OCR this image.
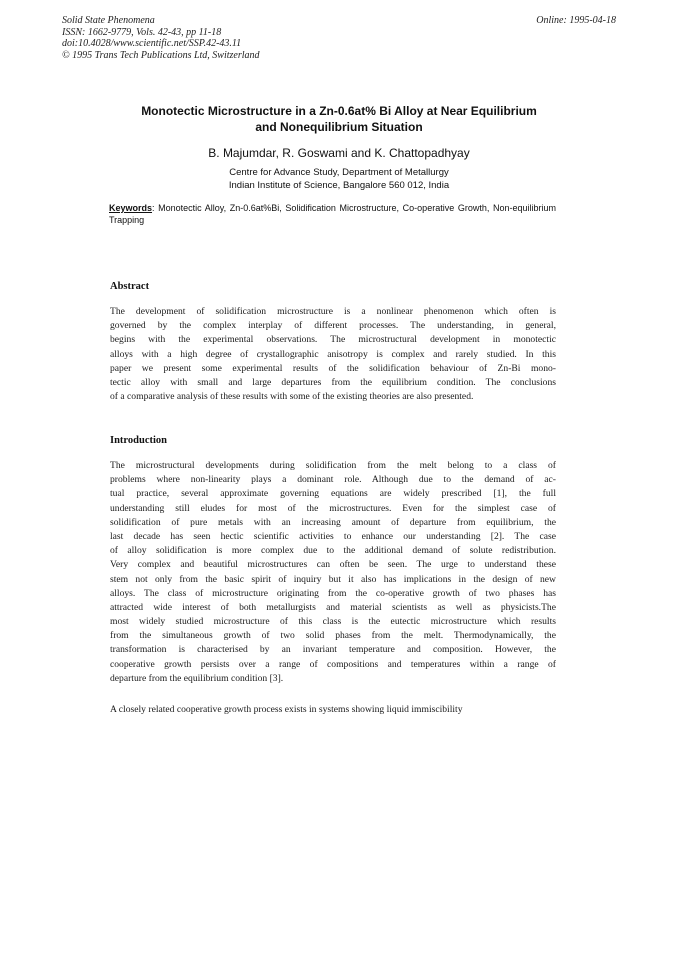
Solid State Phenomena
ISSN: 1662-9779, Vols. 42-43, pp 11-18
doi:10.4028/www.scientific.net/SSP.42-43.11
© 1995 Trans Tech Publications Ltd, Switzerland
Online: 1995-04-18
Monotectic Microstructure in a Zn-0.6at% Bi Alloy at Near Equilibrium
and Nonequilibrium Situation
B. Majumdar, R. Goswami and K. Chattopadhyay
Centre for Advance Study, Department of Metallurgy
Indian Institute of Science, Bangalore 560 012, India
Keywords: Monotectic Alloy, Zn-0.6at%Bi, Solidification Microstructure, Co-operative Growth, Non-equilibrium Trapping
Abstract
The development of solidification microstructure is a nonlinear phenomenon which often is
governed by the complex interplay of different processes. The understanding, in general,
begins with the experimental observations. The microstructural development in monotectic
alloys with a high degree of crystallographic anisotropy is complex and rarely studied. In this
paper we present some experimental results of the solidification behaviour of Zn-Bi mono-
tectic alloy with small and large departures from the equilibrium condition. The conclusions
of a comparative analysis of these results with some of the existing theories are also presented.
Introduction
The microstructural developments during solidification from the melt belong to a class of
problems where non-linearity plays a dominant role. Although due to the demand of ac-
tual practice, several approximate governing equations are widely prescribed [1], the full
understanding still eludes for most of the microstructures. Even for the simplest case of
solidification of pure metals with an increasing amount of departure from equilibrium, the
last decade has seen hectic scientific activities to enhance our understanding [2]. The case
of alloy solidification is more complex due to the additional demand of solute redistribution.
Very complex and beautiful microstructures can often be seen. The urge to understand these
stem not only from the basic spirit of inquiry but it also has implications in the design of new
alloys. The class of microstructure originating from the co-operative growth of two phases has
attracted wide interest of both metallurgists and material scientists as well as physicists.The
most widely studied microstructure of this class is the eutectic microstructure which results
from the simultaneous growth of two solid phases from the melt. Thermodynamically, the
transformation is characterised by an invariant temperature and composition. However, the
cooperative growth persists over a range of compositions and temperatures within a range of
departure from the equilibrium condition [3].
A closely related cooperative growth process exists in systems showing liquid immiscibility
